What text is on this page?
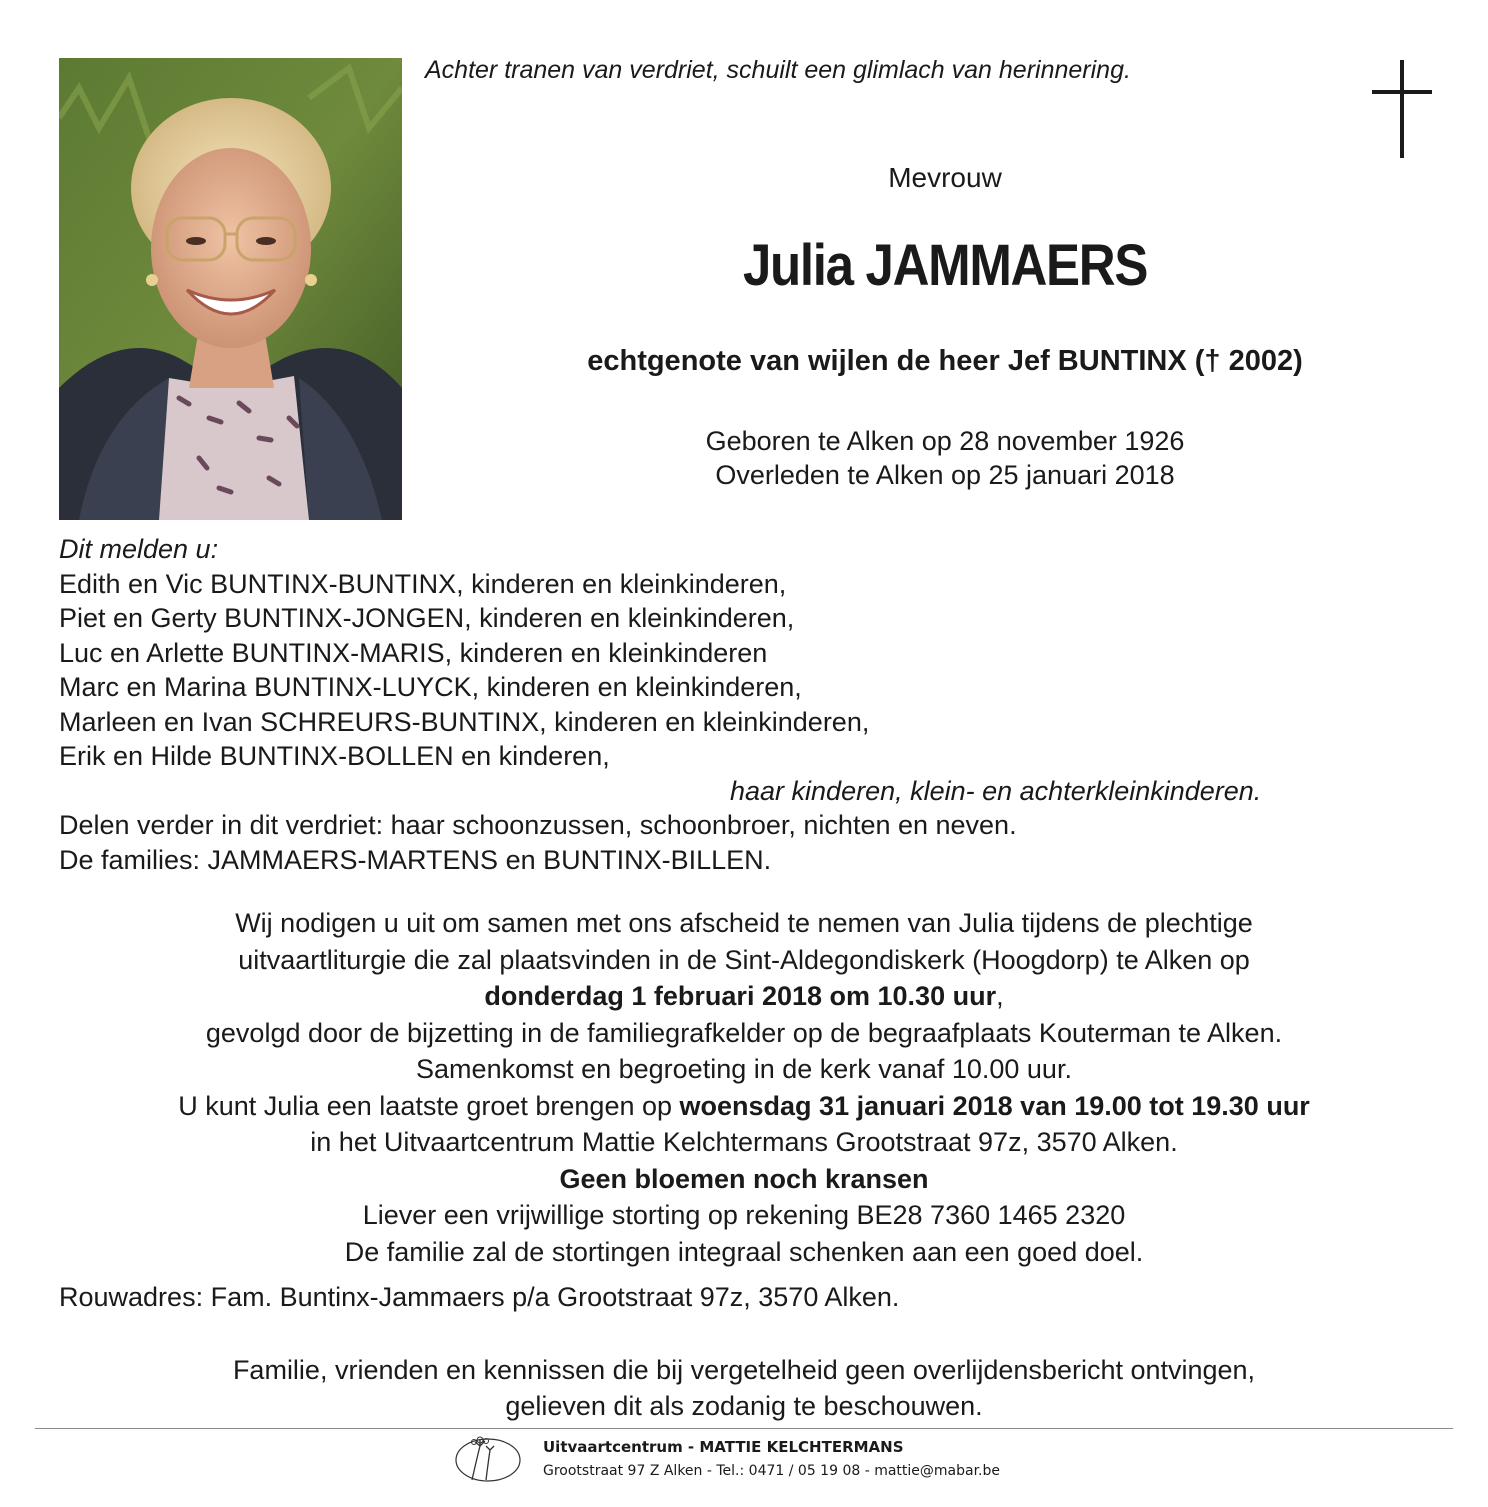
Achter tranen van verdriet, schuilt een glimlach van herinnering.
Mevrouw
Julia JAMMAERS
echtgenote van wijlen de heer Jef BUNTINX († 2002)
Geboren te Alken op 28 november 1926
Overleden te Alken op 25 januari 2018
Dit melden u:
Edith en Vic BUNTINX-BUNTINX, kinderen en kleinkinderen,
Piet en Gerty BUNTINX-JONGEN, kinderen en kleinkinderen,
Luc en Arlette BUNTINX-MARIS, kinderen en kleinkinderen
Marc en Marina BUNTINX-LUYCK, kinderen en kleinkinderen,
Marleen en Ivan SCHREURS-BUNTINX, kinderen en kleinkinderen,
Erik en Hilde BUNTINX-BOLLEN en kinderen,
haar kinderen, klein- en achterkleinkinderen.
Delen verder in dit verdriet: haar schoonzussen, schoonbroer, nichten en neven.
De families: JAMMAERS-MARTENS en BUNTINX-BILLEN.
Wij nodigen u uit om samen met ons afscheid te nemen van Julia tijdens de plechtige
uitvaartliturgie die zal plaatsvinden in de Sint-Aldegondiskerk (Hoogdorp) te Alken op
donderdag 1 februari 2018 om 10.30 uur,
gevolgd door de bijzetting in de familiegrafkelder op de begraafplaats Kouterman te Alken.
Samenkomst en begroeting in de kerk vanaf 10.00 uur.
U kunt Julia een laatste groet brengen op woensdag 31 januari 2018 van 19.00 tot 19.30 uur
in het Uitvaartcentrum Mattie Kelchtermans Grootstraat 97z, 3570 Alken.
Geen bloemen noch kransen
Liever een vrijwillige storting op rekening BE28 7360 1465 2320
De familie zal de stortingen integraal schenken aan een goed doel.
Rouwadres: Fam. Buntinx-Jammaers p/a Grootstraat 97z, 3570 Alken.
Familie, vrienden en kennissen die bij vergetelheid geen overlijdensbericht ontvingen,
gelieven dit als zodanig te beschouwen.
Uitvaartcentrum - MATTIE KELCHTERMANS
Grootstraat 97 Z Alken - Tel.: 0471 / 05 19 08 - mattie@mabar.be
